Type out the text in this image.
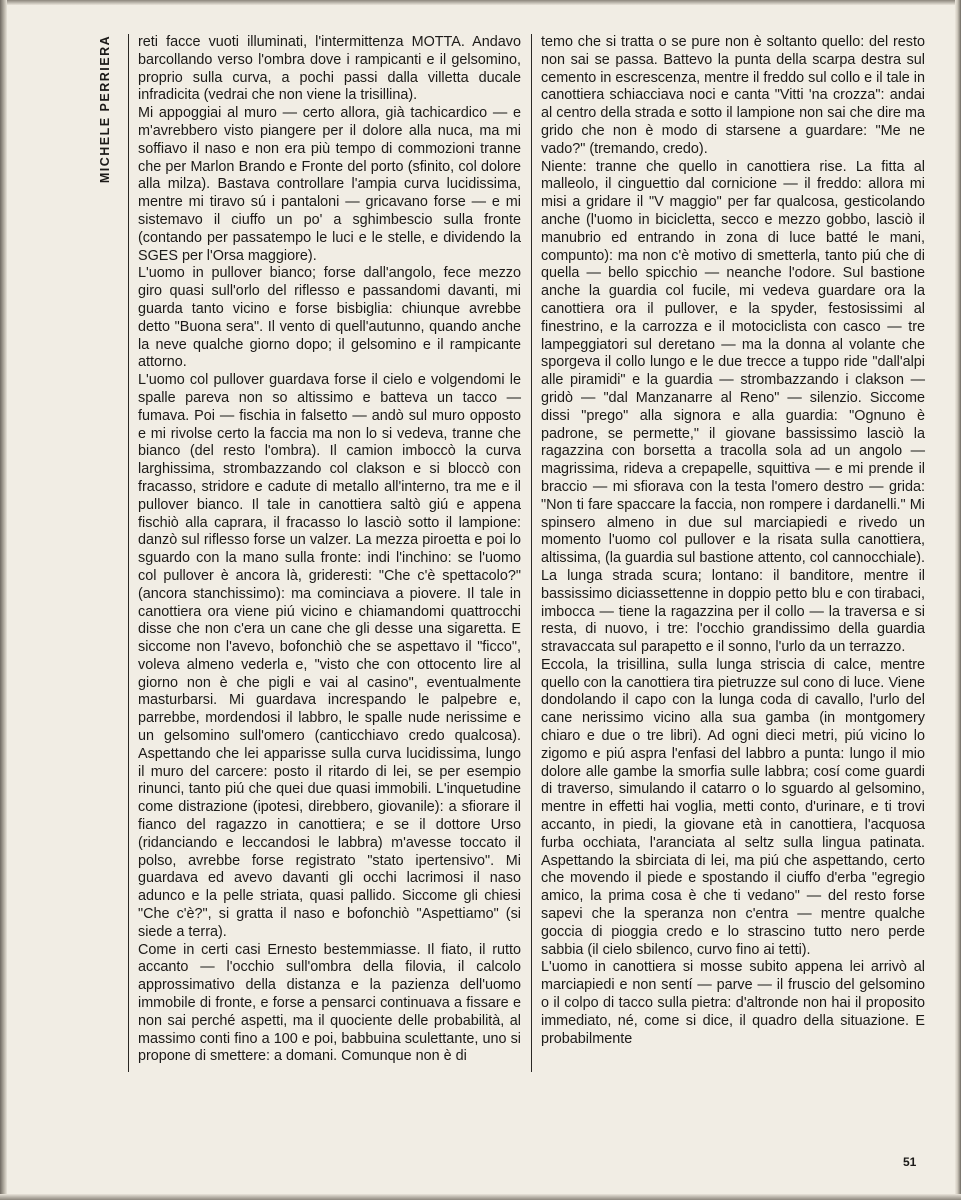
MICHELE PERRIERA reti facce vuoti illuminati, l'intermittenza MOTTA. Andavo barcollando verso l'ombra dove i rampicanti e il gelsomino, proprio sulla curva, a pochi passi dalla villetta ducale infradicita (vedrai che non viene la trisillina).

Mi appoggiai al muro — certo allora, già tachicardico — e m'avrebbero visto piangere per il dolore alla nuca, ma mi soffiavo il naso e non era più tempo di commozioni tranne che per Marlon Brando e Fronte del porto (sfinito, col dolore alla milza). Bastava controllare l'ampia curva lucidissima, mentre mi tiravo sú i pantaloni — gricavano forse — e mi sistemavo il ciuffo un po' a sghimbescio sulla fronte (contando per passatempo le luci e le stelle, e dividendo la SGES per l'Orsa maggiore).

L'uomo in pullover bianco; forse dall'angolo, fece mezzo giro quasi sull'orlo del riflesso e passandomi davanti, mi guarda tanto vicino e forse bisbiglia: chiunque avrebbe detto "Buona sera". Il vento di quell'autunno, quando anche la neve qualche giorno dopo; il gelsomino e il rampicante attorno.

L'uomo col pullover guardava forse il cielo e volgendomi le spalle pareva non so altissimo e batteva un tacco — fumava. Poi — fischia in falsetto — andò sul muro opposto e mi rivolse certo la faccia ma non lo si vedeva, tranne che bianco (del resto l'ombra). Il camion imboccò la curva larghissima, strombazzando col clakson e si bloccò con fracasso, stridore e cadute di metallo all'interno, tra me e il pullover bianco. Il tale in canottiera saltò giú e appena fischiò alla caprara, il fracasso lo lasciò sotto il lampione: danzò sul riflesso forse un valzer. La mezza piroetta e poi lo sguardo con la mano sulla fronte: indi l'inchino: se l'uomo col pullover è ancora là, grideresti: "Che c'è spettacolo?" (ancora stanchissimo): ma cominciava a piovere. Il tale in canottiera ora viene piú vicino e chiamandomi quattrocchi disse che non c'era un cane che gli desse una sigaretta. E siccome non l'avevo, bofonchiò che se aspettavo il "ficco", voleva almeno vederla e, "visto che con ottocento lire al giorno non è che pigli e vai al casino", eventualmente masturbarsi. Mi guardava increspando le palpebre e, parrebbe, mordendosi il labbro, le spalle nude nerissime e un gelsomino sull'omero (canticchiavo credo qualcosa). Aspettando che lei apparisse sulla curva lucidissima, lungo il muro del carcere: posto il ritardo di lei, se per esempio rinunci, tanto piú che quei due quasi immobili. L'inquetudine come distrazione (ipotesi, direbbero, giovanile): a sfiorare il fianco del ragazzo in canottiera; e se il dottore Urso (ridanciando e leccandosi le labbra) m'avesse toccato il polso, avrebbe forse registrato "stato ipertensivo". Mi guardava ed avevo davanti gli occhi lacrimosi il naso adunco e la pelle striata, quasi pallido. Siccome gli chiesi "Che c'è?", si gratta il naso e bofonchiò "Aspettiamo" (si siede a terra).

Come in certi casi Ernesto bestemmiasse. Il fiato, il rutto accanto — l'occhio sull'ombra della filovia, il calcolo approssimativo della distanza e la pazienza dell'uomo immobile di fronte, e forse a pensarci continuava a fissare e non sai perché aspetti, ma il quociente delle probabilità, al massimo conti fino a 100 e poi, babbuina sculettante, uno si propone di smettere: a domani. Comunque non è di

temo che si tratta o se pure non è soltanto quello: del resto non sai se passa. Battevo la punta della scarpa destra sul cemento in escrescenza, mentre il freddo sul collo e il tale in canottiera schiacciava noci e canta "Vitti 'na crozza": andai al centro della strada e sotto il lampione non sai che dire ma grido che non è modo di starsene a guardare: "Me ne vado?" (tremando, credo).

Niente: tranne che quello in canottiera rise. La fitta al malleolo, il cinguettio dal cornicione — il freddo: allora mi misi a gridare il "V maggio" per far qualcosa, gesticolando anche (l'uomo in bicicletta, secco e mezzo gobbo, lasciò il manubrio ed entrando in zona di luce batté le mani, compunto): ma non c'è motivo di smetterla, tanto piú che di quella — bello spicchio — neanche l'odore. Sul bastione anche la guardia col fucile, mi vedeva guardare ora la canottiera ora il pullover, e la spyder, festosissimi al finestrino, e la carrozza e il motociclista con casco — tre lampeggiatori sul deretano — ma la donna al volante che sporgeva il collo lungo e le due trecce a tuppo ride "dall'alpi alle piramidi" e la guardia — strombazzando i clakson — gridò — "dal Manzanarre al Reno" — silenzio. Siccome dissi "prego" alla signora e alla guardia: "Ognuno è padrone, se permette," il giovane bassissimo lasciò la ragazzina con borsetta a tracolla sola ad un angolo — magrissima, rideva a crepapelle, squittiva — e mi prende il braccio — mi sfiorava con la testa l'omero destro — grida: "Non ti fare spaccare la faccia, non rompere i dardanelli." Mi spinsero almeno in due sul marciapiedi e rivedo un momento l'uomo col pullover e la risata sulla canottiera, altissima, (la guardia sul bastione attento, col cannocchiale). La lunga strada scura; lontano: il banditore, mentre il bassissimo diciassettenne in doppio petto blu e con tirabaci, imbocca — tiene la ragazzina per il collo — la traversa e si resta, di nuovo, i tre: l'occhio grandissimo della guardia stravaccata sul parapetto e il sonno, l'urlo da un terrazzo.

Eccola, la trisillina, sulla lunga striscia di calce, mentre quello con la canottiera tira pietruzze sul cono di luce. Viene dondolando il capo con la lunga coda di cavallo, l'urlo del cane nerissimo vicino alla sua gamba (in montgomery chiaro e due o tre libri). Ad ogni dieci metri, piú vicino lo zigomo e piú aspra l'enfasi del labbro a punta: lungo il mio dolore alle gambe la smorfia sulle labbra; cosí come guardi di traverso, simulando il catarro o lo sguardo al gelsomino, mentre in effetti hai voglia, metti conto, d'urinare, e ti trovi accanto, in piedi, la giovane età in canottiera, l'acquosa furba occhiata, l'aranciata al seltz sulla lingua patinata. Aspettando la sbirciata di lei, ma piú che aspettando, certo che movendo il piede e spostando il ciuffo d'erba "egregio amico, la prima cosa è che ti vedano" — del resto forse sapevi che la speranza non c'entra — mentre qualche goccia di pioggia credo e lo strascino tutto nero perde sabbia (il cielo sbilenco, curvo fino ai tetti).

L'uomo in canottiera si mosse subito appena lei arrivò al marciapiedi e non sentí — parve — il fruscio del gelsomino o il colpo di tacco sulla pietra: d'altronde non hai il proposito immediato, né, come si dice, il quadro della situazione. E probabilmente

51
